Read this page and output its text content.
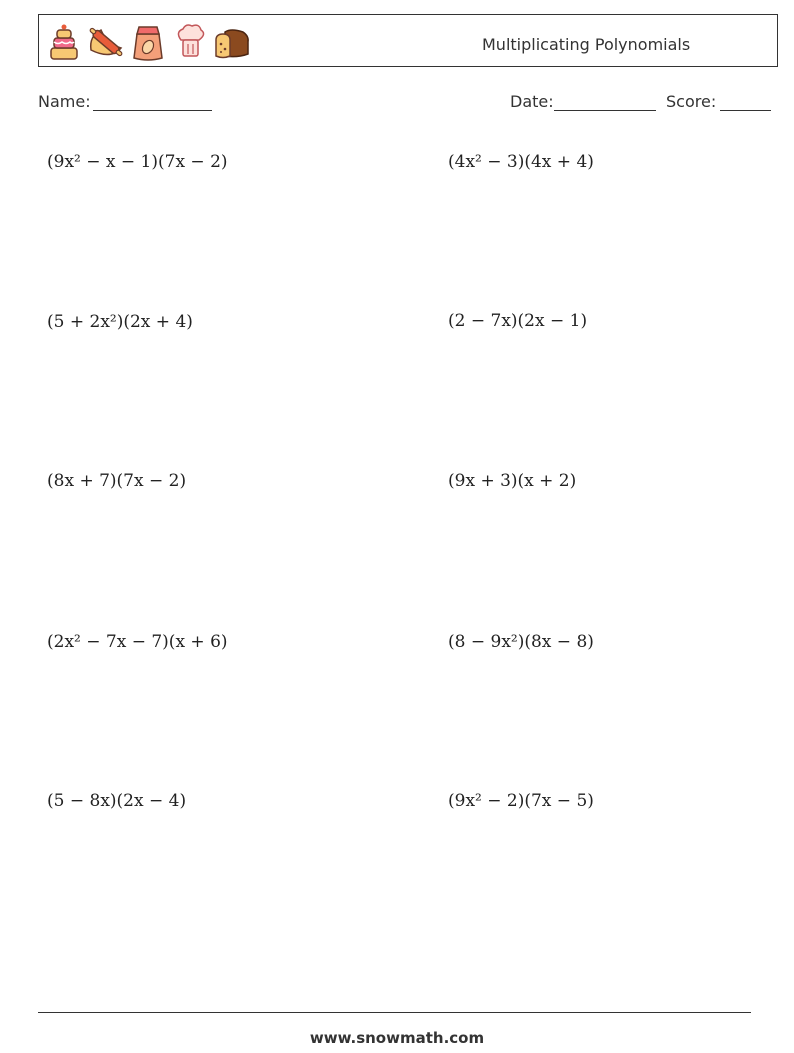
Multiplicating Polynomials
Name:	Date:	Score:
(9x² − x − 1)(7x − 2)	(4x² − 3)(4x + 4)
(5 + 2x²)(2x + 4)	(2 − 7x)(2x − 1)
(8x + 7)(7x − 2)	(9x + 3)(x + 2)
(2x² − 7x − 7)(x + 6)	(8 − 9x²)(8x − 8)
(5 − 8x)(2x − 4)	(9x² − 2)(7x − 5)
www.snowmath.com
